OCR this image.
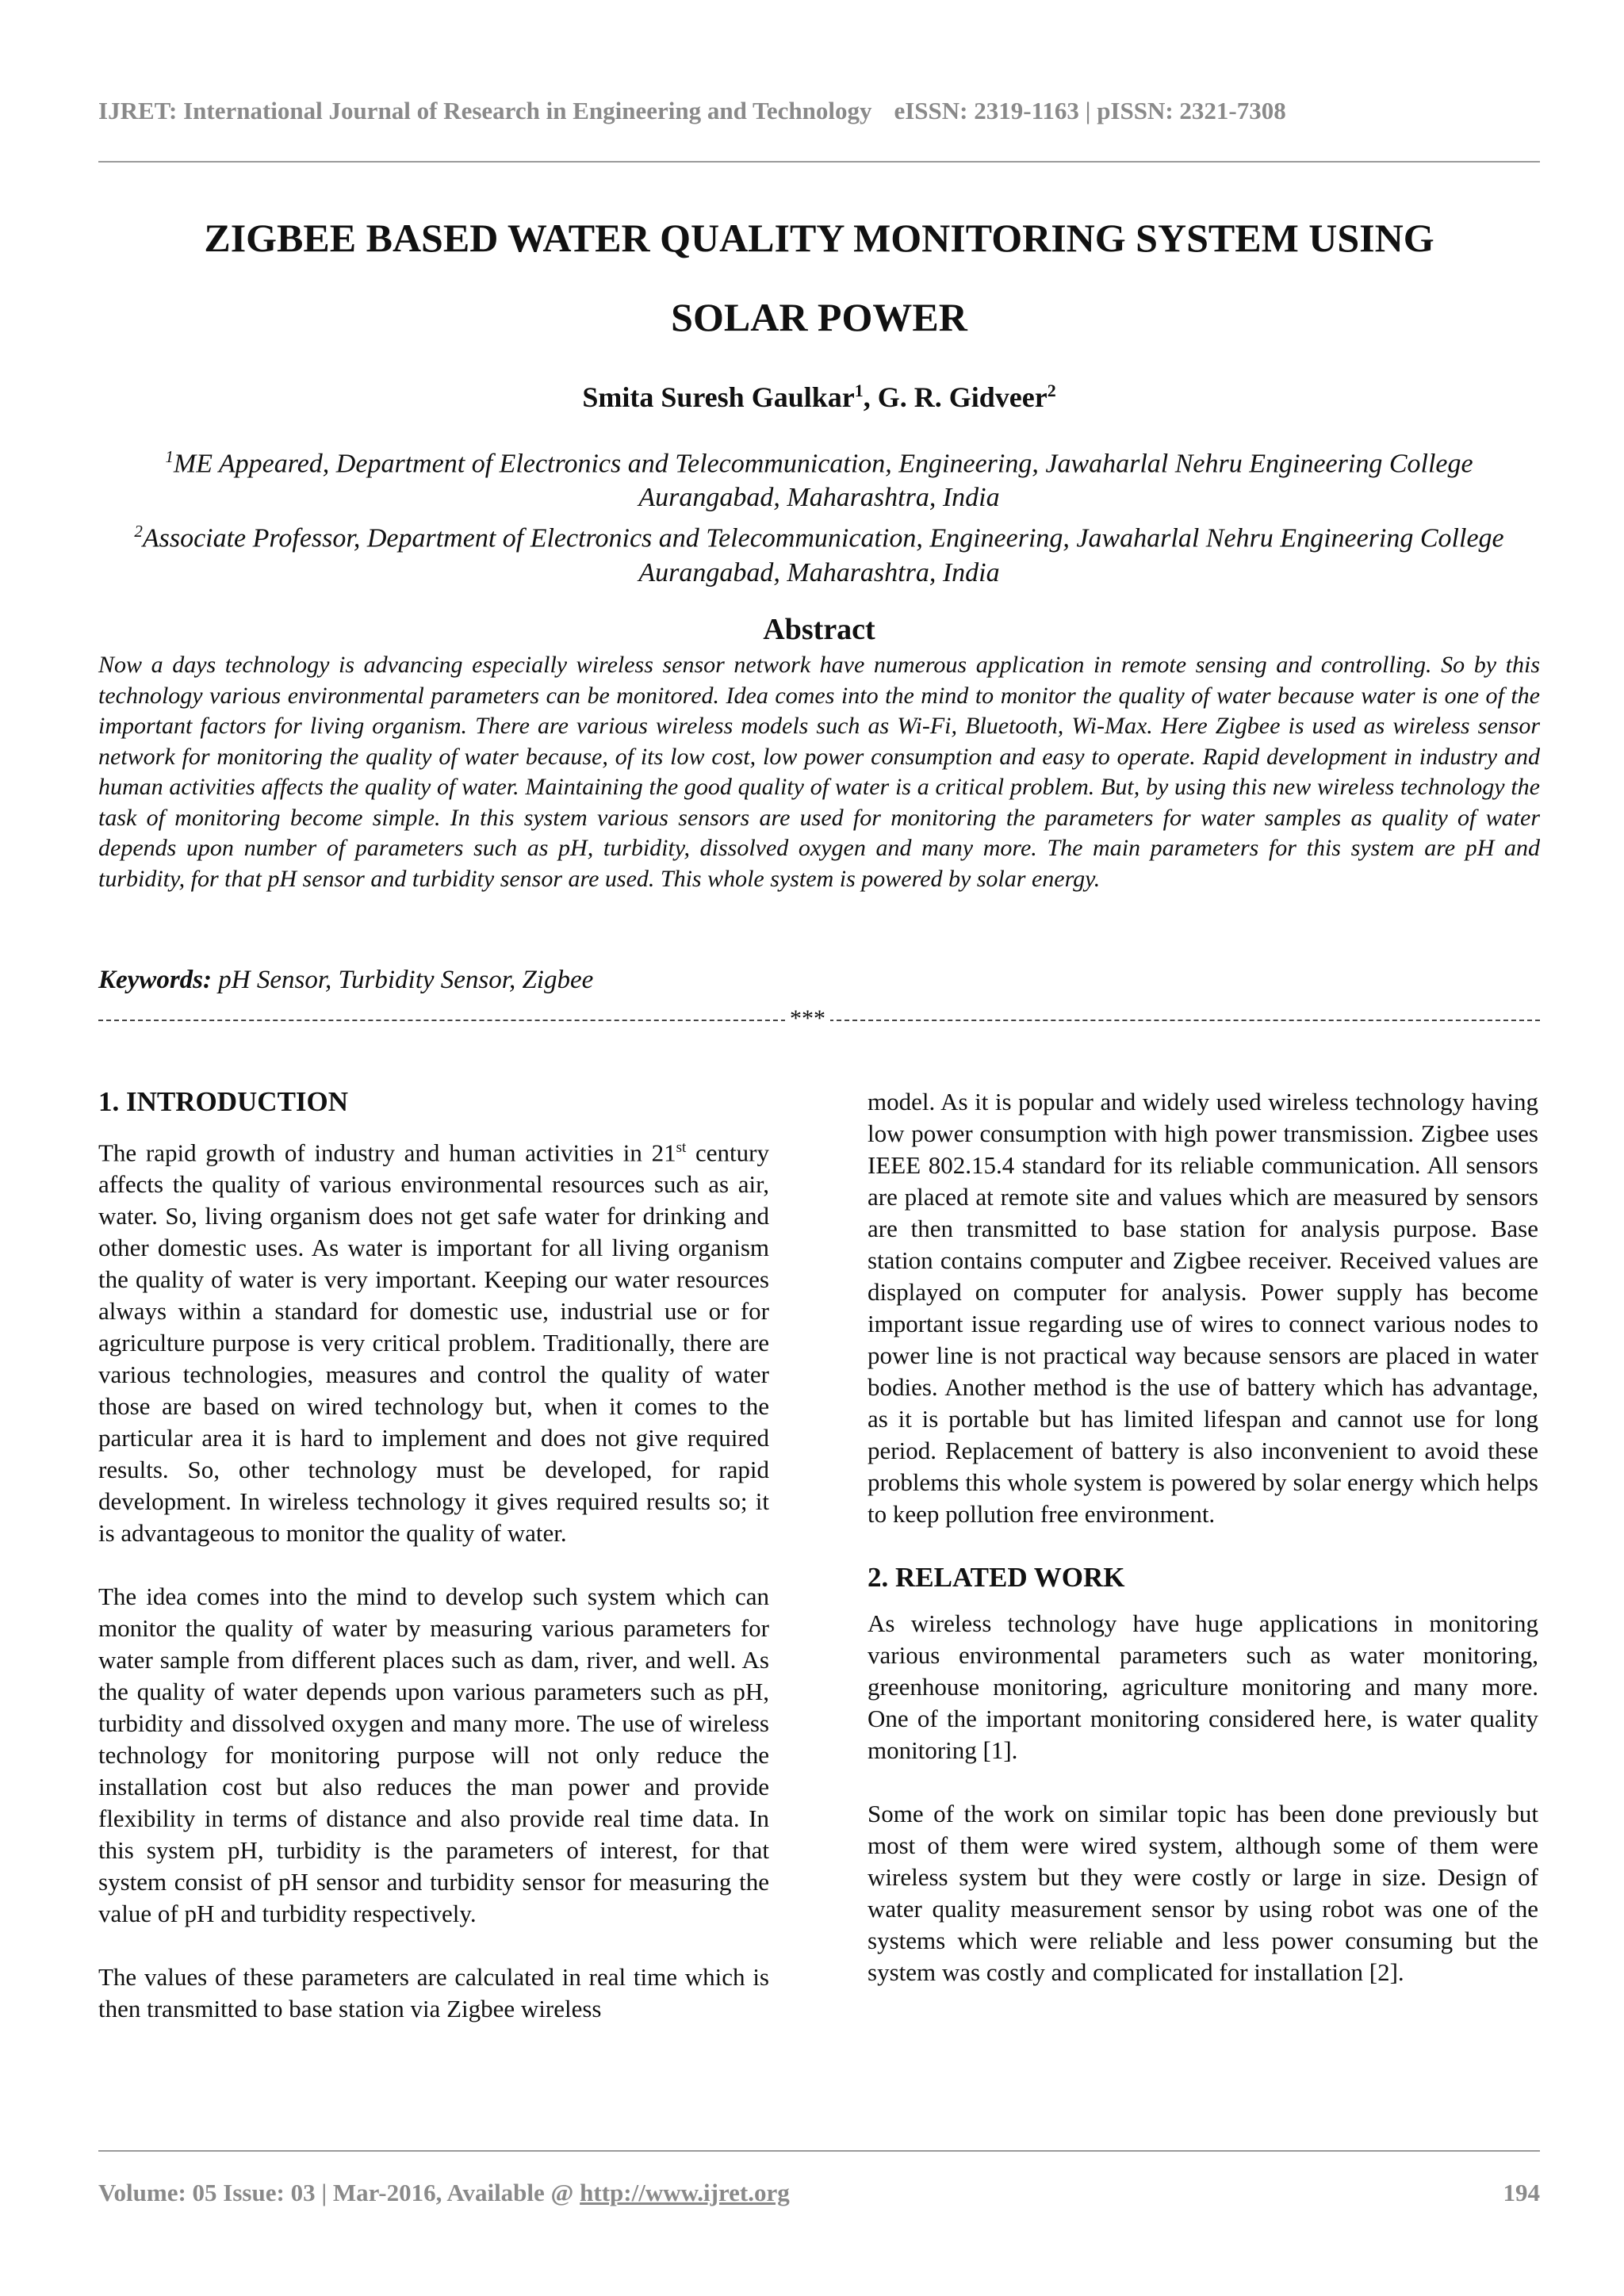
IJRET: International Journal of Research in Engineering and Technology eISSN: 2319-1163 | pISSN: 2321-7308
ZIGBEE BASED WATER QUALITY MONITORING SYSTEM USING
SOLAR POWER
Smita Suresh Gaulkar$^1$, G. R. Gidveer$^2$
$^1$ME Appeared, Department of Electronics and Telecommunication, Engineering, Jawaharlal Nehru Engineering College Aurangabad, Maharashtra, India
$^2$Associate Professor, Department of Electronics and Telecommunication, Engineering, Jawaharlal Nehru Engineering College Aurangabad, Maharashtra, India
Abstract
Now a days technology is advancing especially wireless sensor network have numerous application in remote sensing and controlling. So by this technology various environmental parameters can be monitored. Idea comes into the mind to monitor the quality of water because water is one of the important factors for living organism. There are various wireless models such as Wi-Fi, Bluetooth, Wi-Max. Here Zigbee is used as wireless sensor network for monitoring the quality of water because, of its low cost, low power consumption and easy to operate. Rapid development in industry and human activities affects the quality of water. Maintaining the good quality of water is a critical problem. But, by using this new wireless technology the task of monitoring become simple. In this system various sensors are used for monitoring the parameters for water samples as quality of water depends upon number of parameters such as pH, turbidity, dissolved oxygen and many more. The main parameters for this system are pH and turbidity, for that pH sensor and turbidity sensor are used. This whole system is powered by solar energy.
Keywords: pH Sensor, Turbidity Sensor, Zigbee
***
1. INTRODUCTION

The rapid growth of industry and human activities in 21st century affects the quality of various environmental resources such as air, water. So, living organism does not get safe water for drinking and other domestic uses. As water is important for all living organism the quality of water is very important. Keeping our water resources always within a standard for domestic use, industrial use or for agriculture purpose is very critical problem. Traditionally, there are various technologies, measures and control the quality of water those are based on wired technology but, when it comes to the particular area it is hard to implement and does not give required results. So, other technology must be developed, for rapid development. In wireless technology it gives required results so; it is advantageous to monitor the quality of water.

The idea comes into the mind to develop such system which can monitor the quality of water by measuring various parameters for water sample from different places such as dam, river, and well. As the quality of water depends upon various parameters such as pH, turbidity and dissolved oxygen and many more. The use of wireless technology for monitoring purpose will not only reduce the installation cost but also reduces the man power and provide flexibility in terms of distance and also provide real time data. In this system pH, turbidity is the parameters of interest, for that system consist of pH sensor and turbidity sensor for measuring the value of pH and turbidity respectively.

The values of these parameters are calculated in real time which is then transmitted to base station via Zigbee wireless

model. As it is popular and widely used wireless technology having low power consumption with high power transmission. Zigbee uses IEEE 802.15.4 standard for its reliable communication. All sensors are placed at remote site and values which are measured by sensors are then transmitted to base station for analysis purpose. Base station contains computer and Zigbee receiver. Received values are displayed on computer for analysis. Power supply has become important issue regarding use of wires to connect various nodes to power line is not practical way because sensors are placed in water bodies. Another method is the use of battery which has advantage, as it is portable but has limited lifespan and cannot use for long period. Replacement of battery is also inconvenient to avoid these problems this whole system is powered by solar energy which helps to keep pollution free environment.

2. RELATED WORK

As wireless technology have huge applications in monitoring various environmental parameters such as water monitoring, greenhouse monitoring, agriculture monitoring and many more. One of the important monitoring considered here, is water quality monitoring [1].

Some of the work on similar topic has been done previously but most of them were wired system, although some of them were wireless system but they were costly or large in size. Design of water quality measurement sensor by using robot was one of the systems which were reliable and less power consuming but the system was costly and complicated for installation [2].

Volume: 05 Issue: 03 | Mar-2016, Available @ http://www.ijret.org	194
